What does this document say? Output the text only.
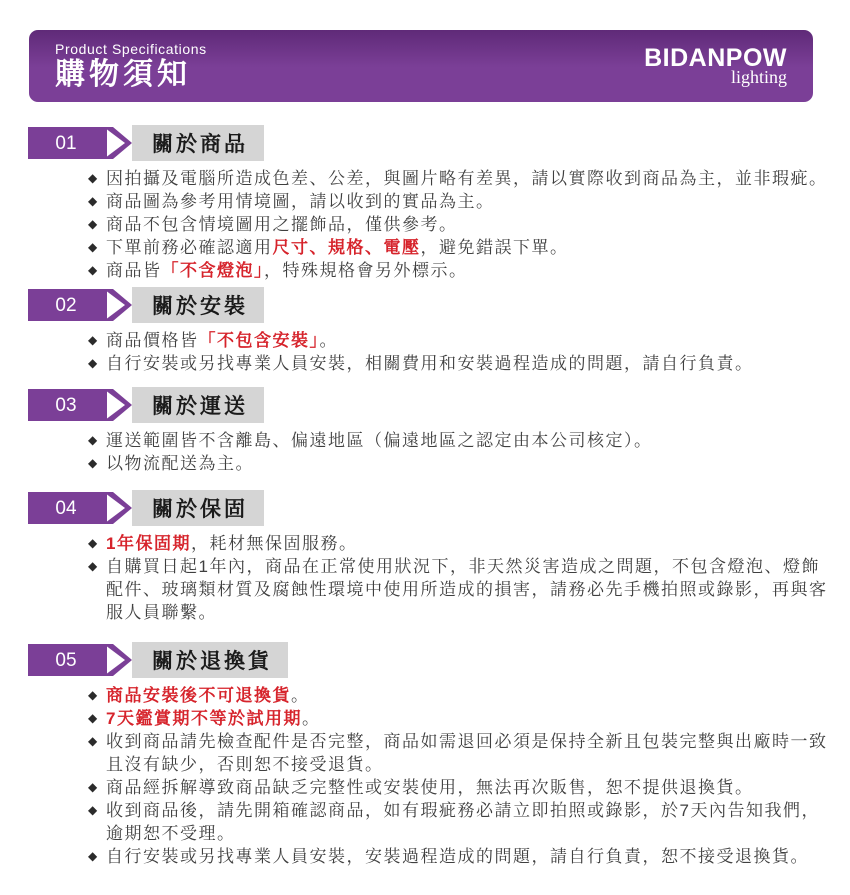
Product Specifications
購物須知	BIDANPOW
lighting
01	關於商品
◆ 因拍攝及電腦所造成色差、公差，與圖片略有差異，請以實際收到商品為主，並非瑕疵。
◆ 商品圖為參考用情境圖，請以收到的實品為主。
◆ 商品不包含情境圖用之擺飾品，僅供參考。
◆ 下單前務必確認適用尺寸、規格、電壓，避免錯誤下單。
◆ 商品皆「不含燈泡」，特殊規格會另外標示。
02	關於安裝
◆ 商品價格皆「不包含安裝」。
◆ 自行安裝或另找專業人員安裝，相關費用和安裝過程造成的問題，請自行負責。
03	關於運送
◆ 運送範圍皆不含離島、偏遠地區（偏遠地區之認定由本公司核定）。
◆ 以物流配送為主。
04	關於保固
◆ 1年保固期，耗材無保固服務。
◆ 自購買日起1年內，商品在正常使用狀況下，非天然災害造成之問題，不包含燈泡、燈飾配件、玻璃類材質及腐蝕性環境中使用所造成的損害，請務必先手機拍照或錄影，再與客服人員聯繫。
05	關於退換貨
◆ 商品安裝後不可退換貨。
◆ 7天鑑賞期不等於試用期。
◆ 收到商品請先檢查配件是否完整，商品如需退回必須是保持全新且包裝完整與出廠時一致且沒有缺少，否則恕不接受退貨。
◆ 商品經拆解導致商品缺乏完整性或安裝使用，無法再次販售，恕不提供退換貨。
◆ 收到商品後，請先開箱確認商品，如有瑕疵務必請立即拍照或錄影，於7天內告知我們，逾期恕不受理。
◆ 自行安裝或另找專業人員安裝，安裝過程造成的問題，請自行負責，恕不接受退換貨。
